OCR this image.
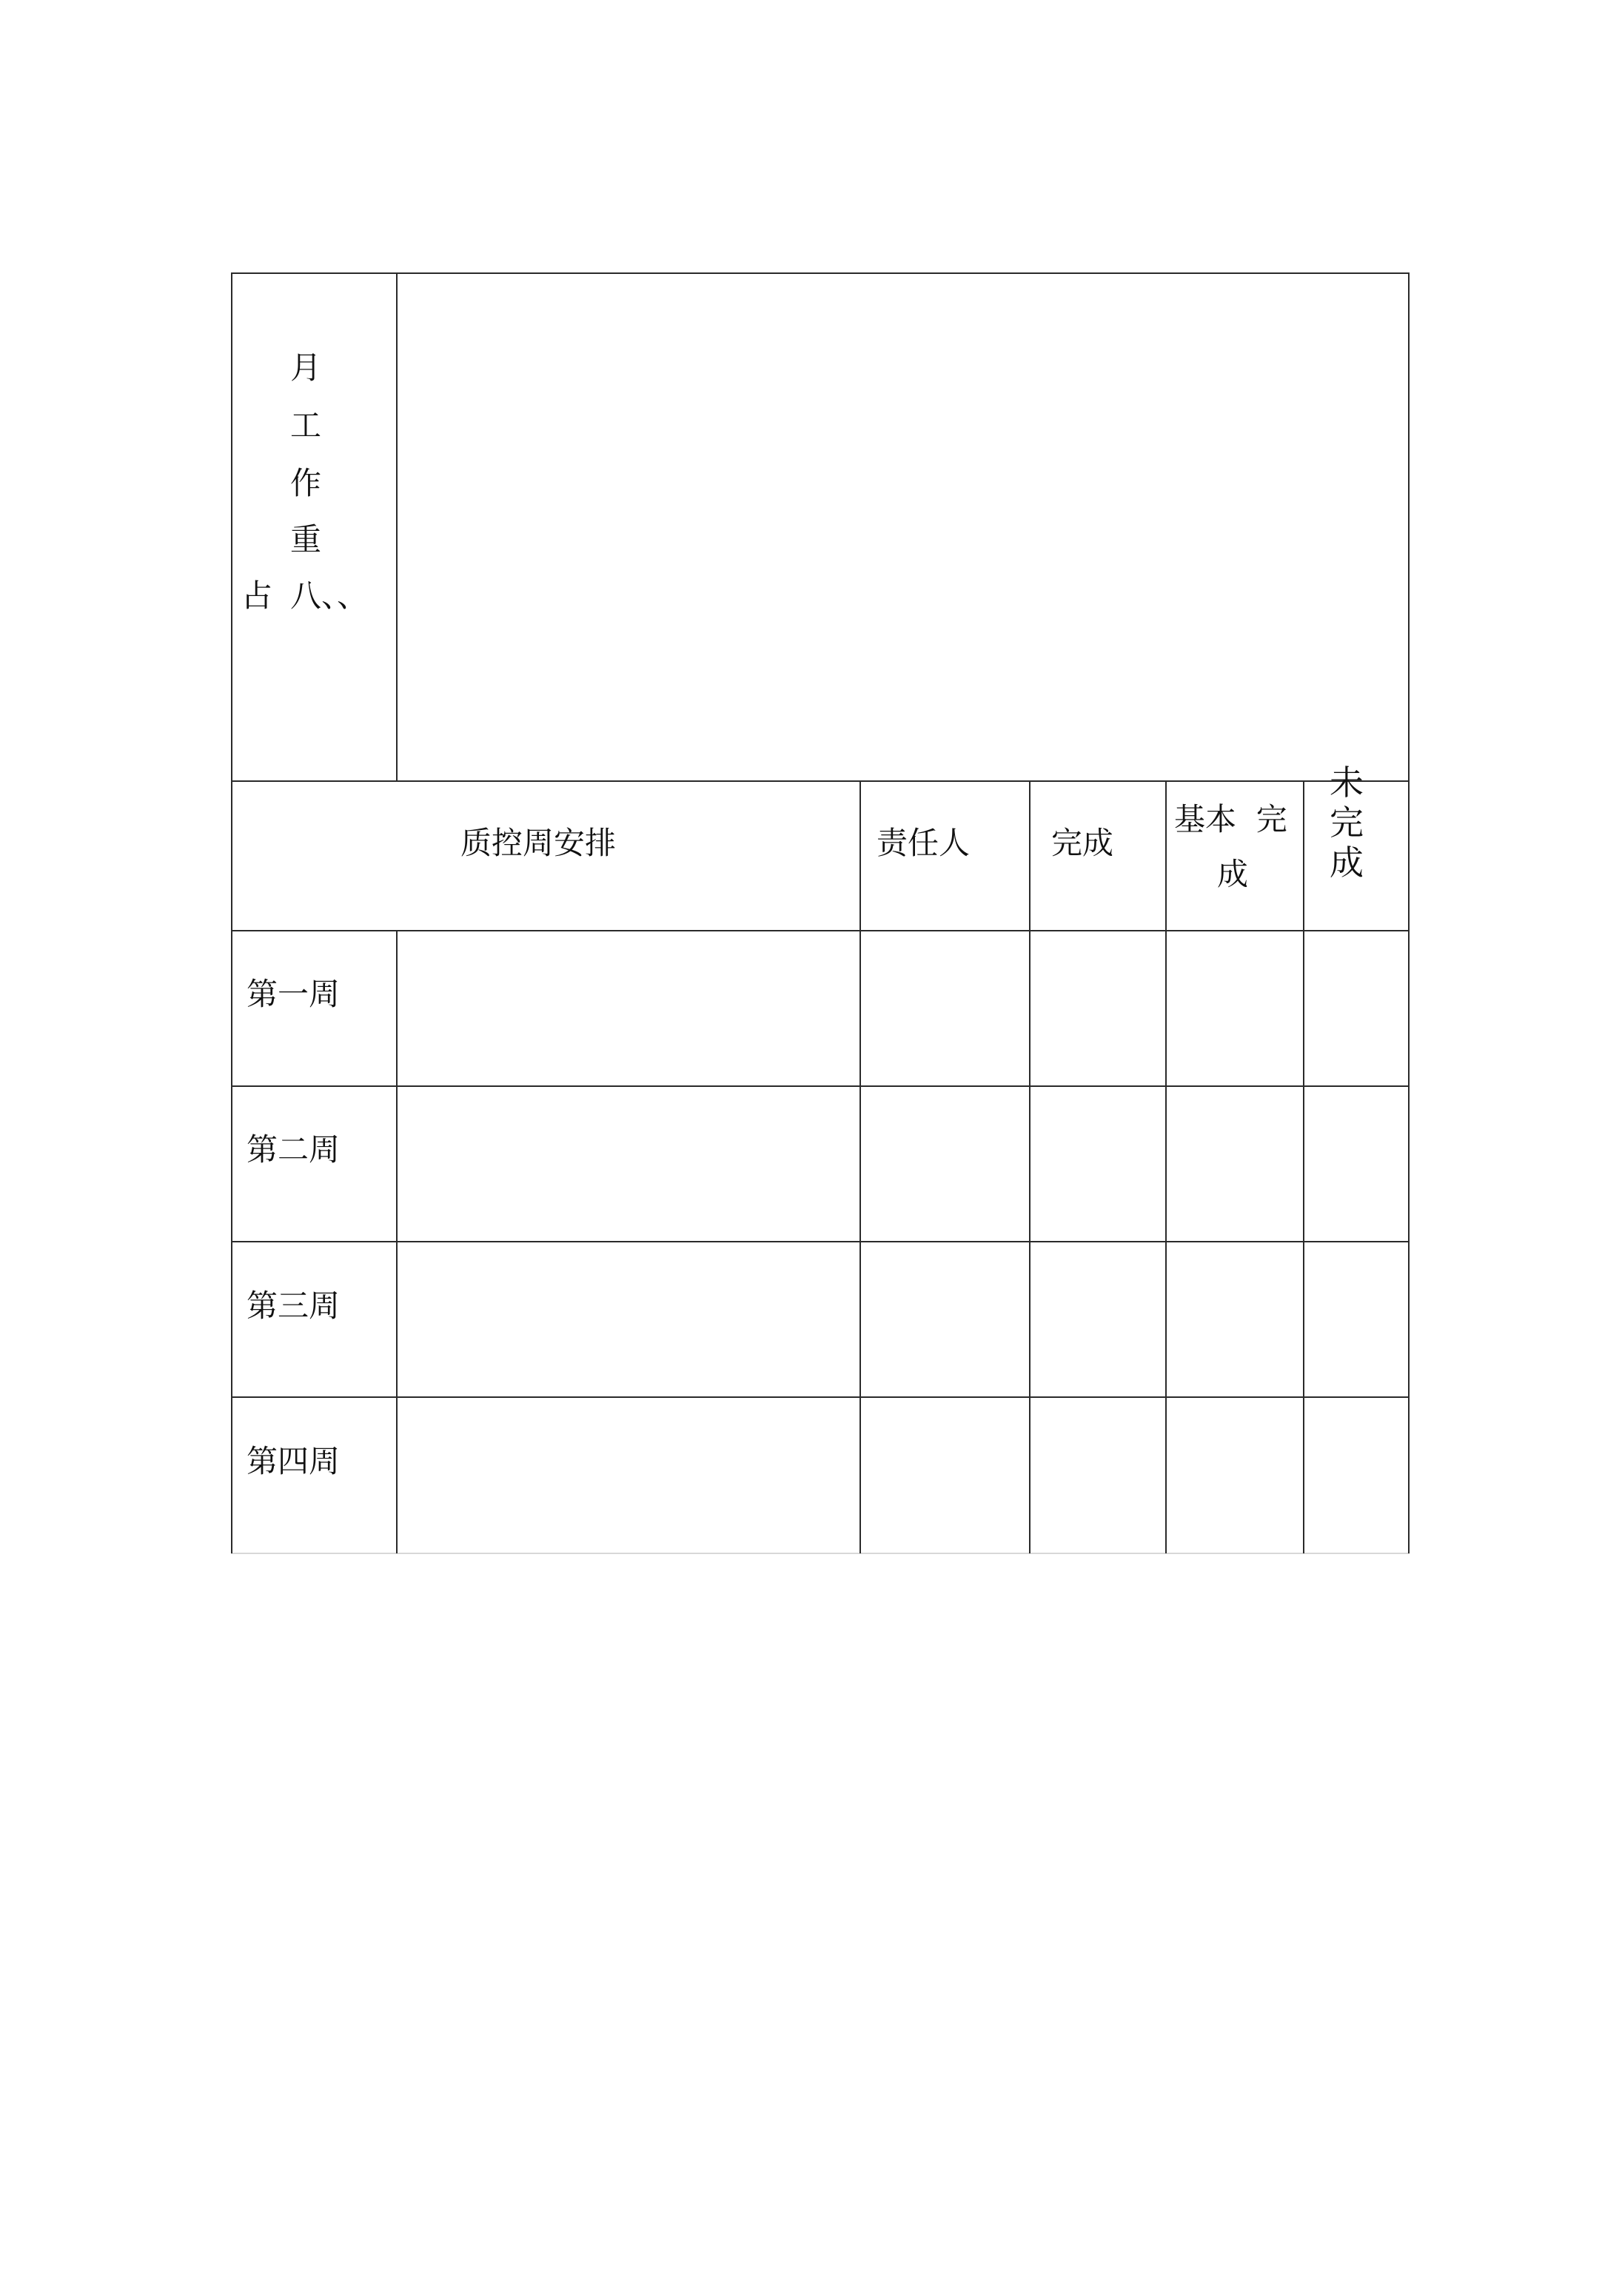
月
工
作
重
占 八、、
质控周安排	责任人	完成
基本  完
成
未
完
成
第一周
第二周
第三周
第四周
